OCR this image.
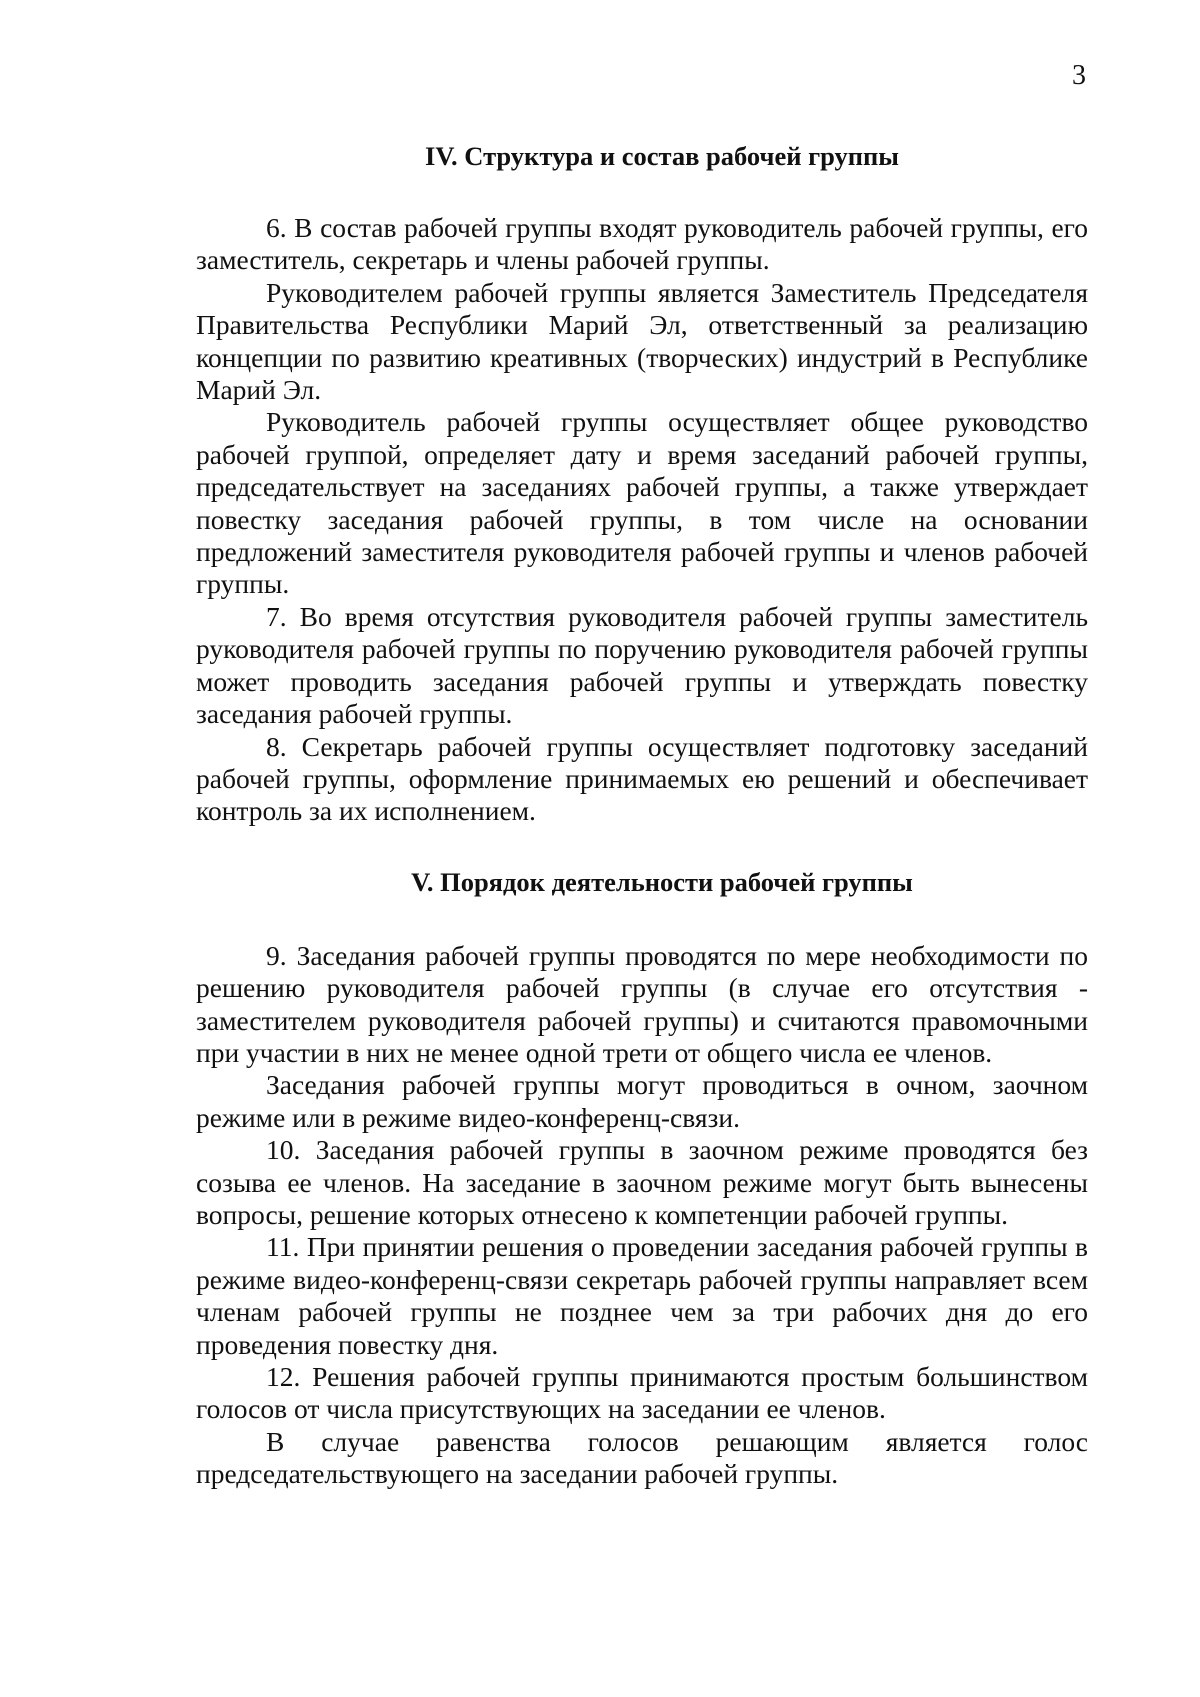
3
IV. Структура и состав рабочей группы

6. В состав рабочей группы входят руководитель рабочей группы, его заместитель, секретарь и члены рабочей группы.

Руководителем рабочей группы является Заместитель Председателя Правительства Республики Марий Эл, ответственный за реализацию концепции по развитию креативных (творческих) индустрий в Республике Марий Эл.

Руководитель рабочей группы осуществляет общее руководство рабочей группой, определяет дату и время заседаний рабочей группы, председательствует на заседаниях рабочей группы, а также утверждает повестку заседания рабочей группы, в том числе на основании предложений заместителя руководителя рабочей группы и членов рабочей группы.

7. Во время отсутствия руководителя рабочей группы заместитель руководителя рабочей группы по поручению руководителя рабочей группы может проводить заседания рабочей группы и утверждать повестку заседания рабочей группы.

8. Секретарь рабочей группы осуществляет подготовку заседаний рабочей группы, оформление принимаемых ею решений и обеспечивает контроль за их исполнением.

V. Порядок деятельности рабочей группы

9. Заседания рабочей группы проводятся по мере необходимости по решению руководителя рабочей группы (в случае его отсутствия - заместителем руководителя рабочей группы) и считаются правомочными при участии в них не менее одной трети от общего числа ее членов.

Заседания рабочей группы могут проводиться в очном, заочном режиме или в режиме видео-конференц-связи.

10. Заседания рабочей группы в заочном режиме проводятся без созыва ее членов. На заседание в заочном режиме могут быть вынесены вопросы, решение которых отнесено к компетенции рабочей группы.

11. При принятии решения о проведении заседания рабочей группы в режиме видео-конференц-связи секретарь рабочей группы направляет всем членам рабочей группы не позднее чем за три рабочих дня до его проведения повестку дня.

12. Решения рабочей группы принимаются простым большинством голосов от числа присутствующих на заседании ее членов.

В случае равенства голосов решающим является голос председательствующего на заседании рабочей группы.
